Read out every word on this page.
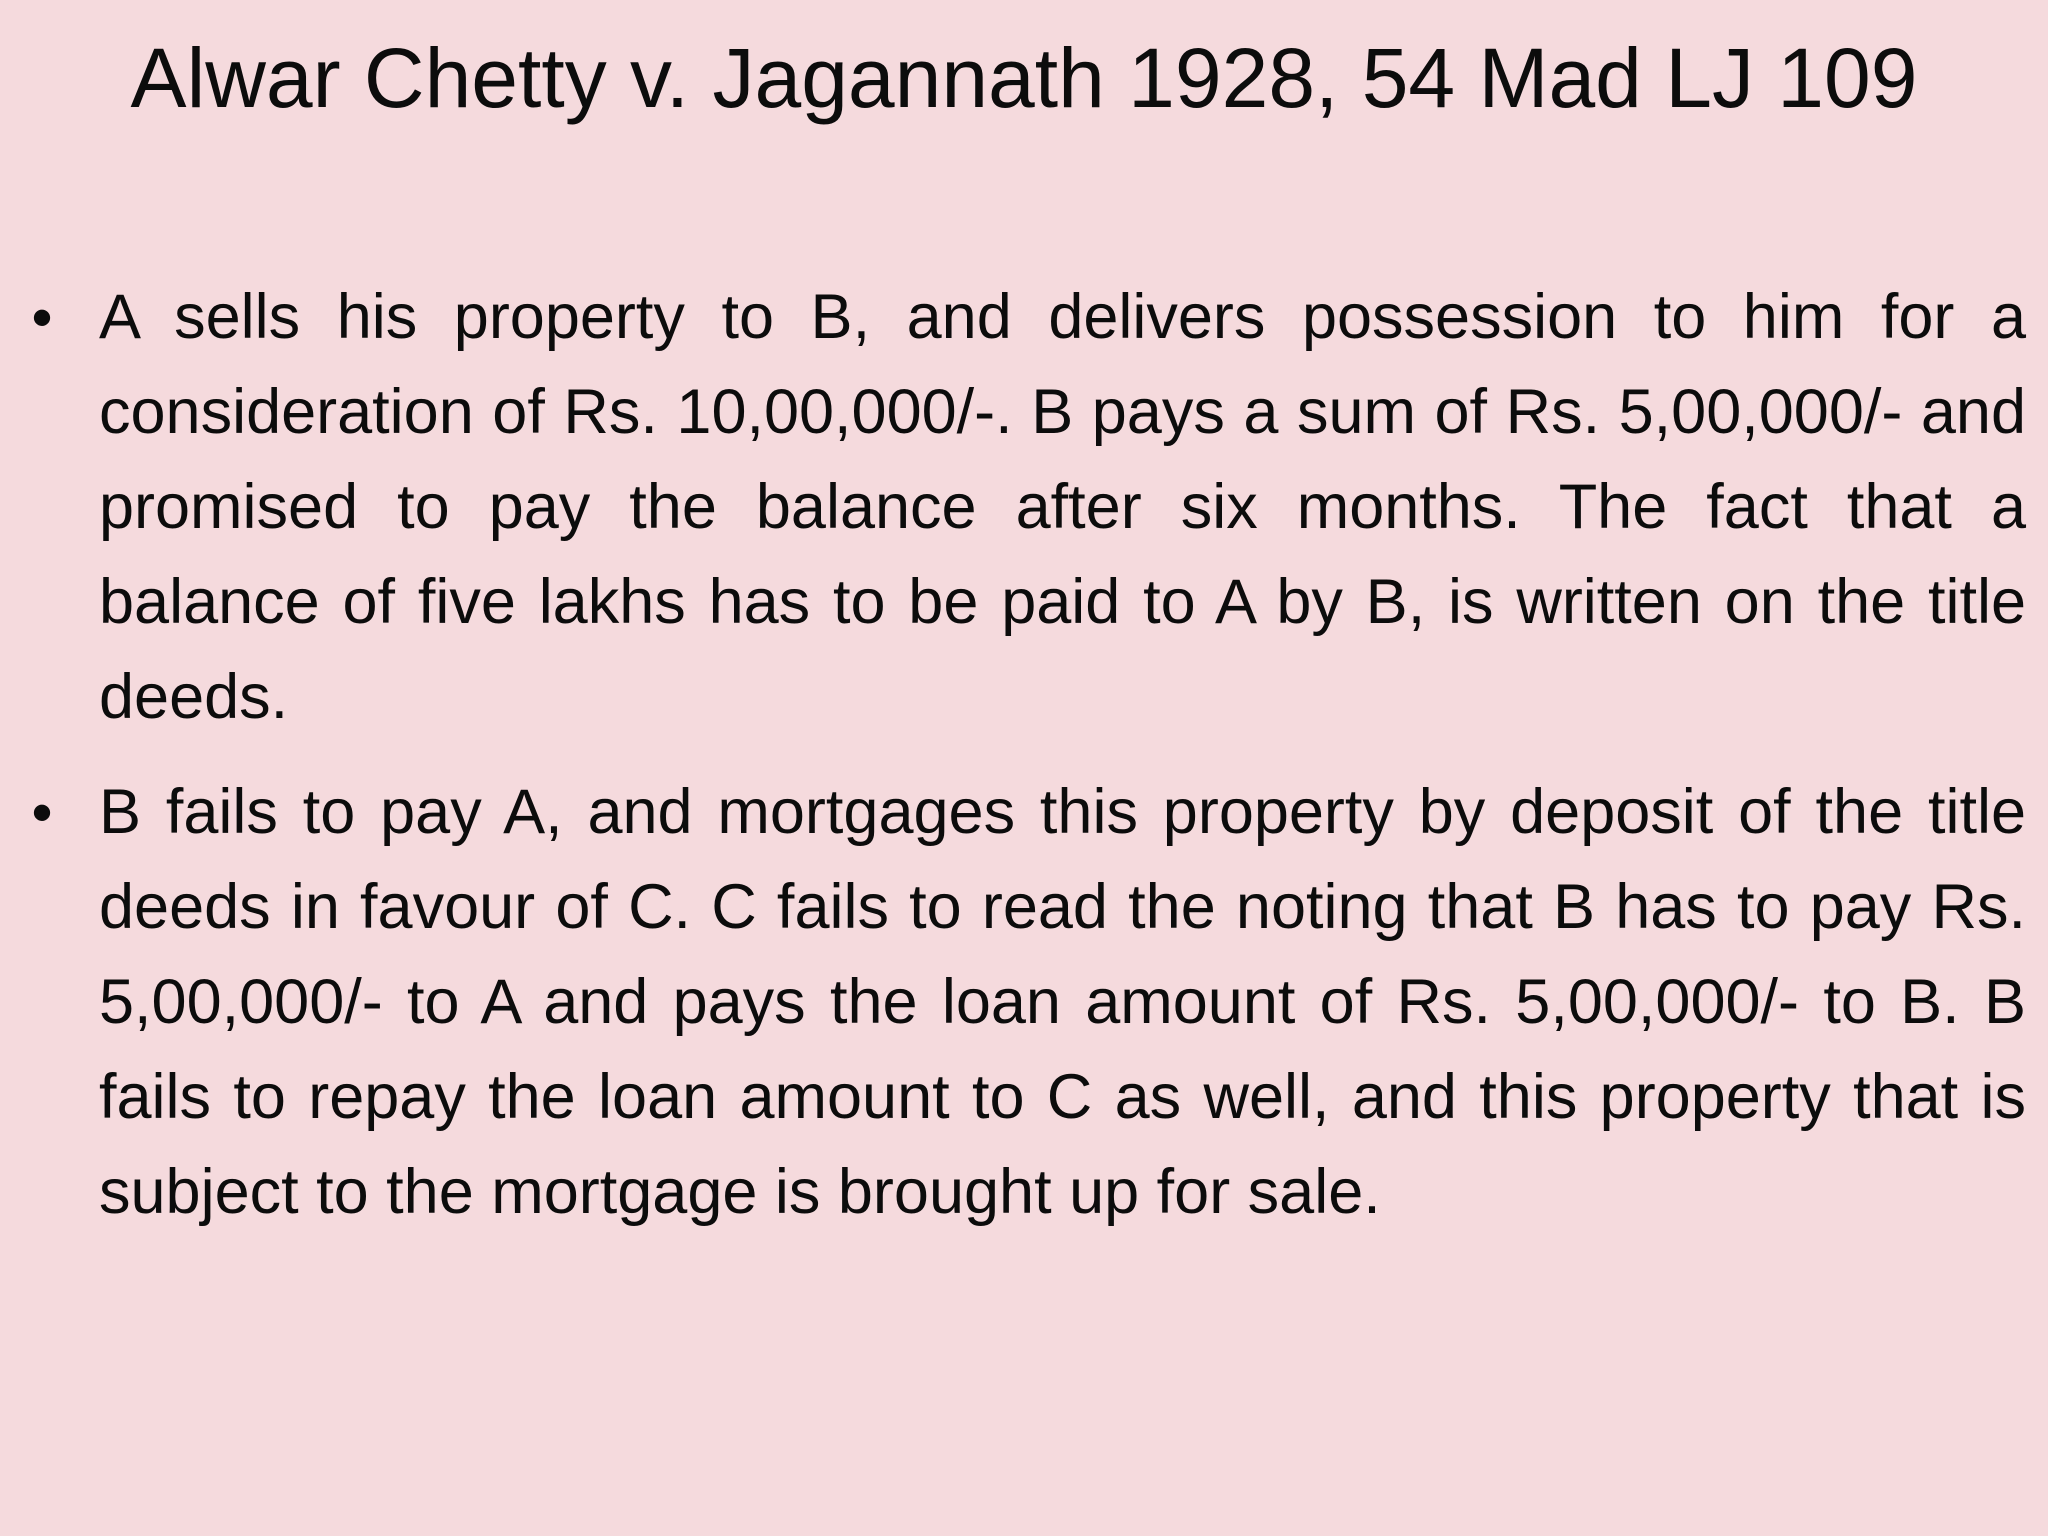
Alwar Chetty v. Jagannath 1928, 54 Mad LJ 109
• A sells his property to B, and delivers possession to him for a consideration of Rs. 10,00,000/-. B pays a sum of Rs. 5,00,000/- and promised to pay the balance after six months. The fact that a balance of five lakhs has to be paid to A by B, is written on the title deeds.
• B fails to pay A, and mortgages this property by deposit of the title deeds in favour of C. C fails to read the noting that B has to pay Rs. 5,00,000/- to A and pays the loan amount of Rs. 5,00,000/- to B. B fails to repay the loan amount to C as well, and this property that is subject to the mortgage is brought up for sale.
